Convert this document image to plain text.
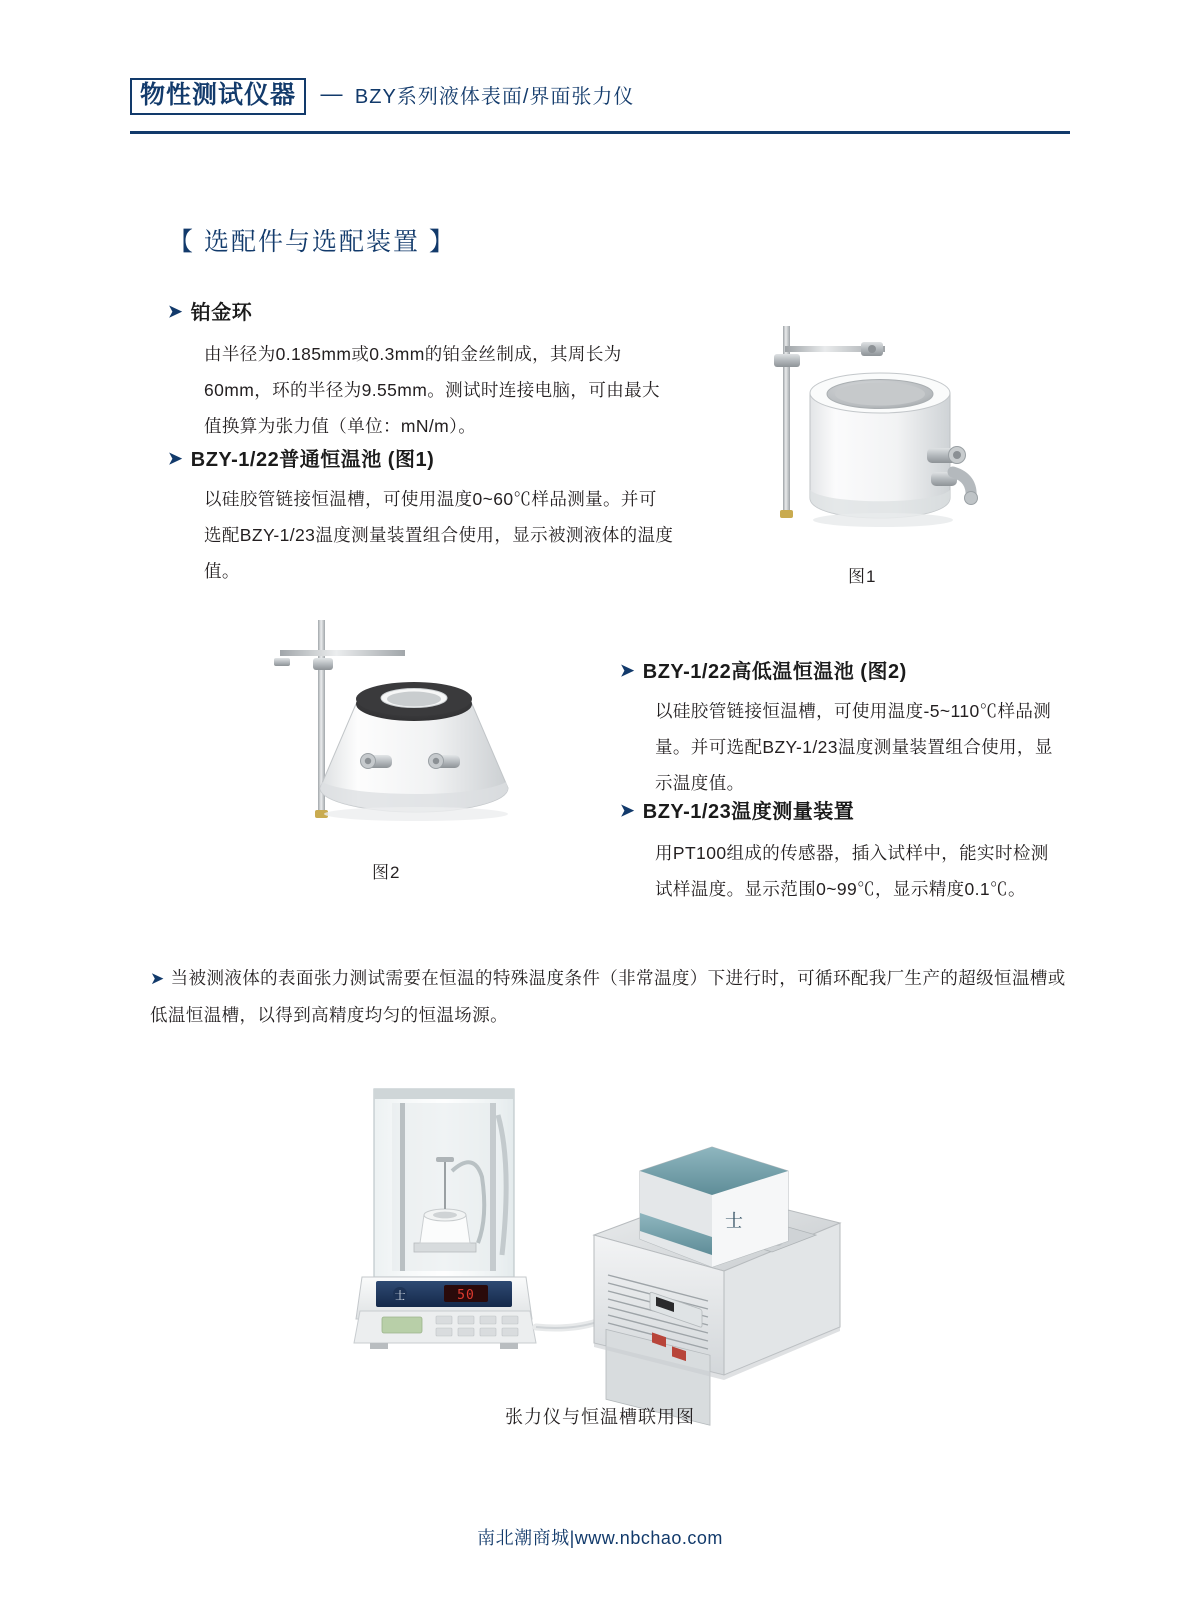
物性测试仪器 — BZY系列液体表面/界面张力仪
【 选配件与选配装置 】
➤ 铂金环
由半径为0.185mm或0.3mm的铂金丝制成，其周长为60mm，环的半径为9.55mm。测试时连接电脑，可由最大值换算为张力值（单位：mN/m）。
➤ BZY-1/22普通恒温池 (图1)
以硅胶管链接恒温槽，可使用温度0~60℃样品测量。并可选配BZY-1/23温度测量装置组合使用，显示被测液体的温度值。
➤ BZY-1/22高低温恒温池 (图2)
以硅胶管链接恒温槽，可使用温度-5~110℃样品测量。并可选配BZY-1/23温度测量装置组合使用，显示温度值。
➤ BZY-1/23温度测量装置
用PT100组成的传感器，插入试样中，能实时检测试样温度。显示范围0~99℃，显示精度0.1℃。
➤ 当被测液体的表面张力测试需要在恒温的特殊温度条件（非常温度）下进行时，可循环配我厂生产的超级恒温槽或低温恒温槽，以得到高精度均匀的恒温场源。
图1
图2
50
士
士
张力仪与恒温槽联用图
南北潮商城|www.nbchao.com
